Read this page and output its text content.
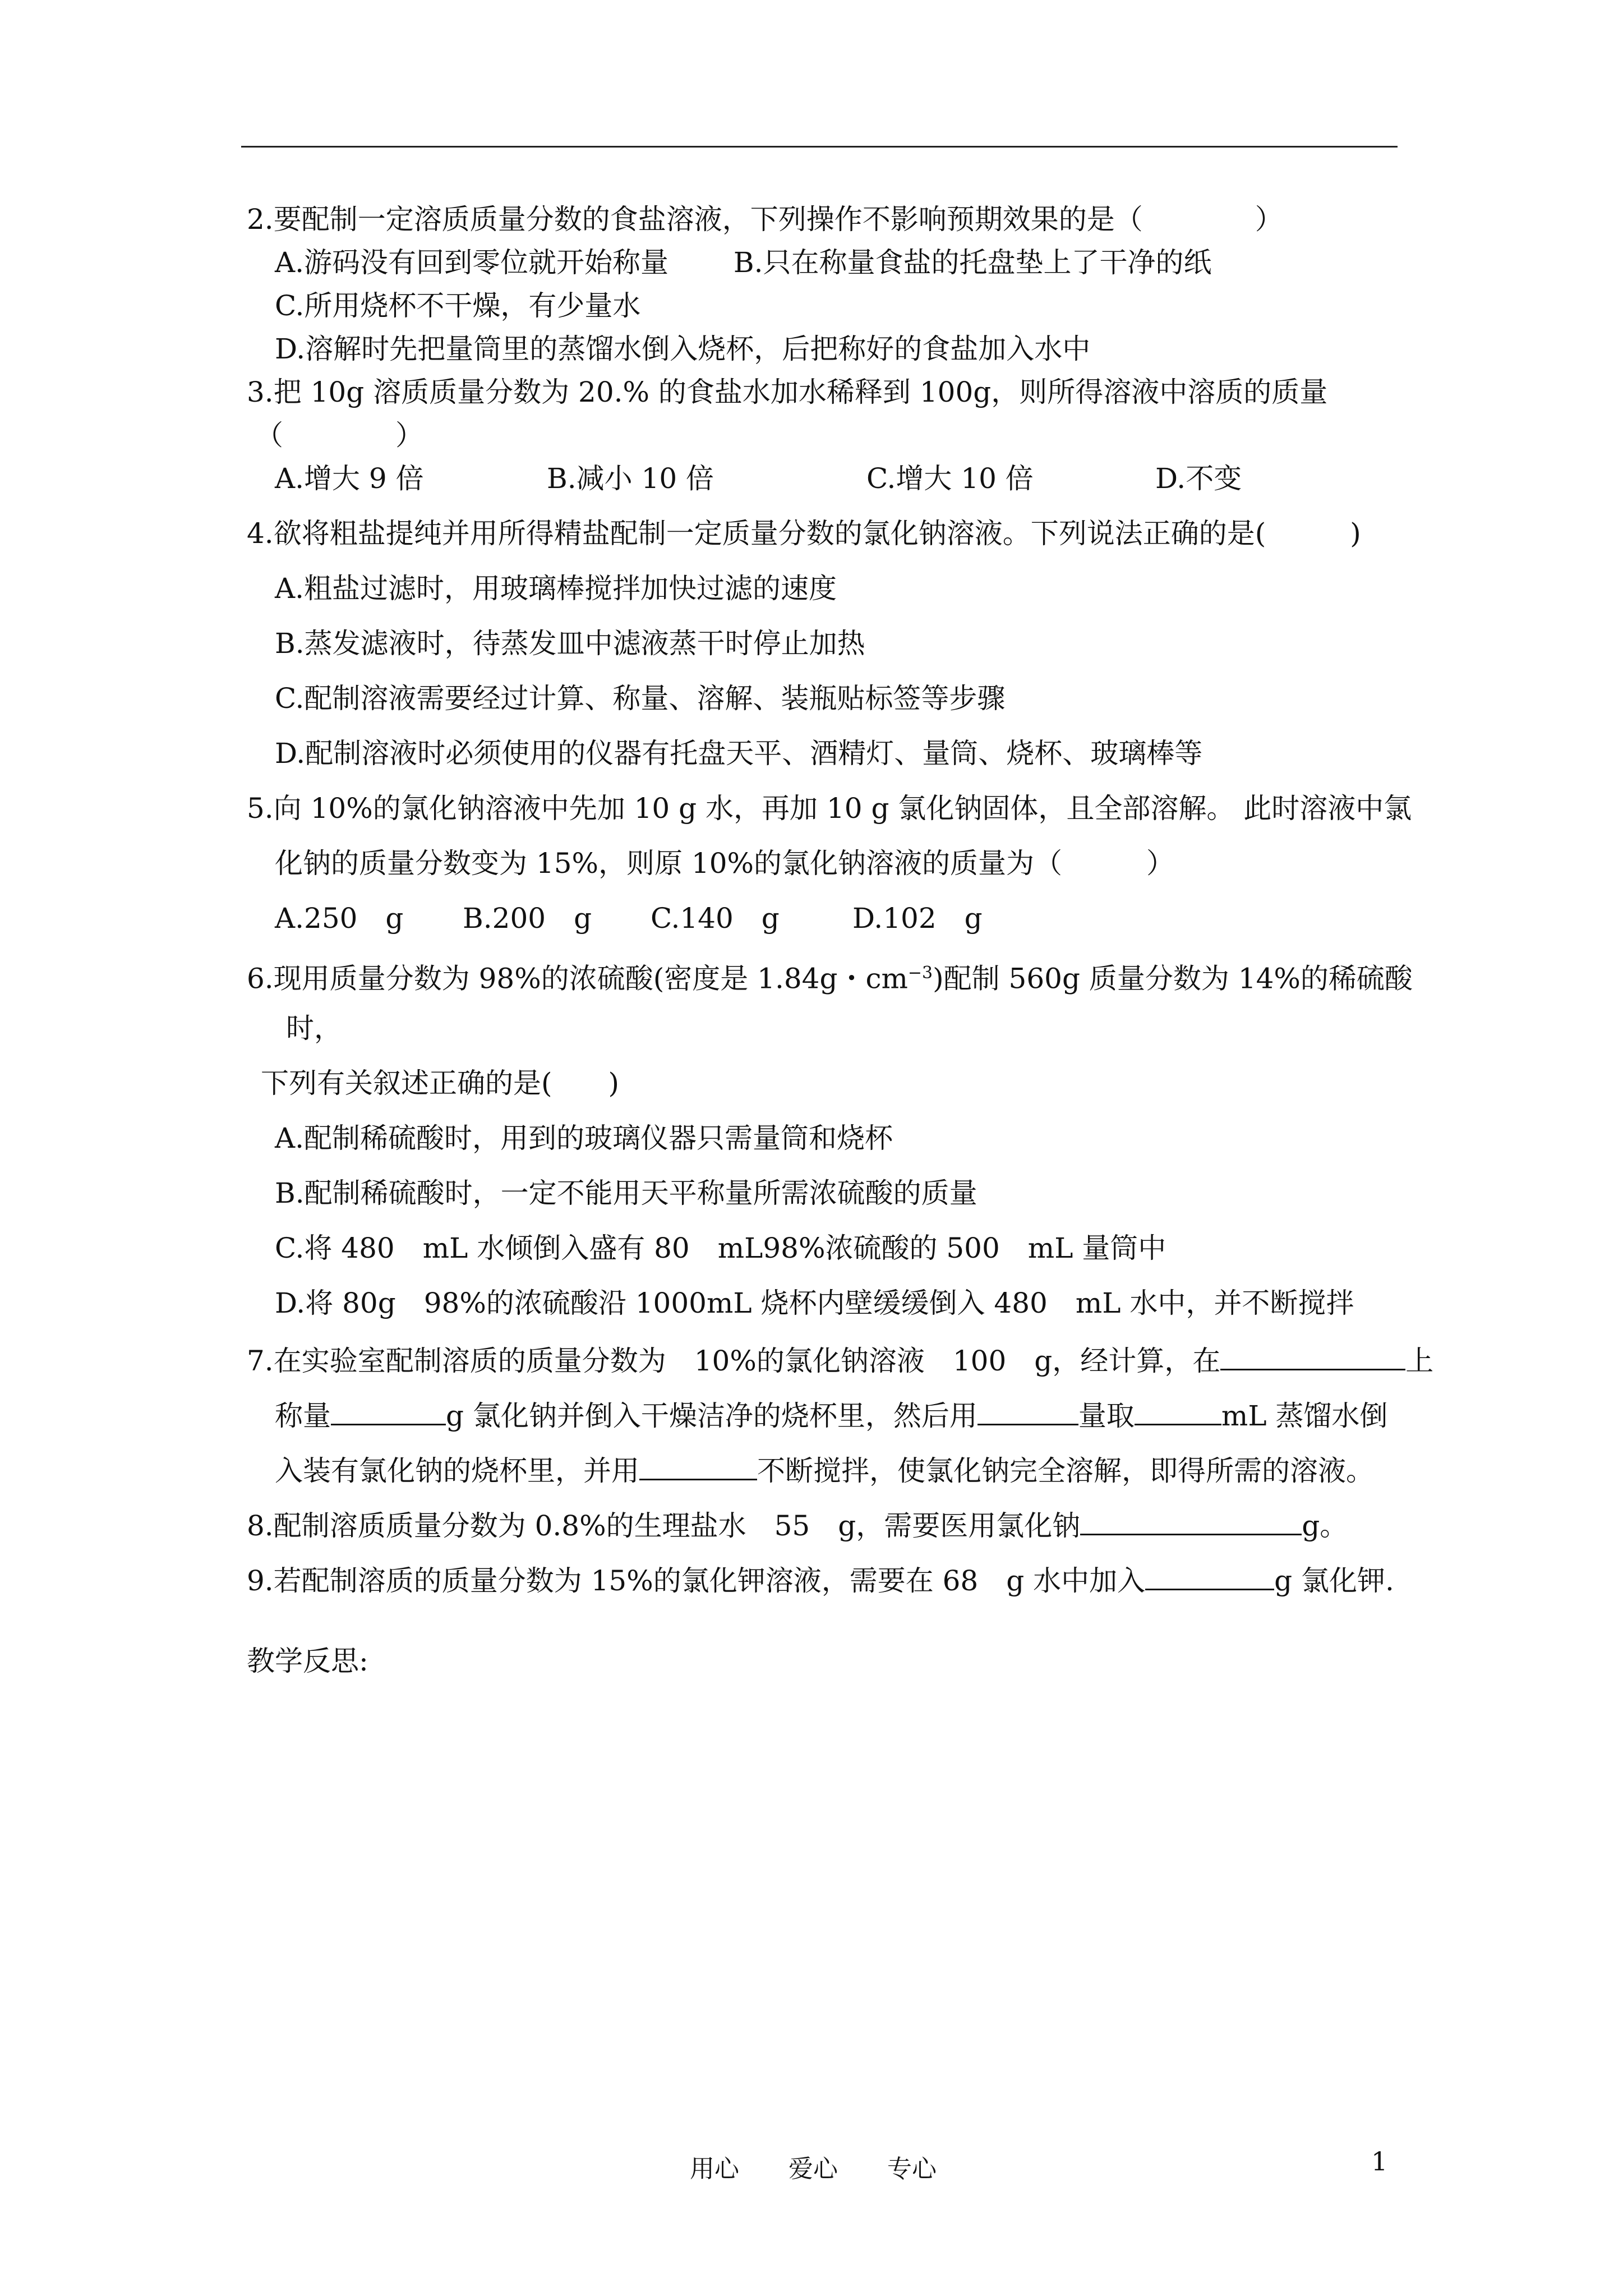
2.要配制一定溶质质量分数的食盐溶液，下列操作不影响预期效果的是（　　　　）
A.游码没有回到零位就开始称量　　 B.只在称量食盐的托盘垫上了干净的纸
C.所用烧杯不干燥，有少量水
D.溶解时先把量筒里的蒸馏水倒入烧杯，后把称好的食盐加入水中
3.把 10g 溶质质量分数为 20.% 的食盐水加水稀释到 100g，则所得溶液中溶质的质量
（　　　　）
A.增大 9 倍	B.减小 10 倍	C.增大 10 倍	D.不变
4.欲将粗盐提纯并用所得精盐配制一定质量分数的氯化钠溶液。下列说法正确的是(　　　)
A.粗盐过滤时，用玻璃棒搅拌加快过滤的速度
B.蒸发滤液时，待蒸发皿中滤液蒸干时停止加热
C.配制溶液需要经过计算、称量、溶解、装瓶贴标签等步骤
D.配制溶液时必须使用的仪器有托盘天平、酒精灯、量筒、烧杯、玻璃棒等
5.向 10%的氯化钠溶液中先加 10 g 水，再加 10 g 氯化钠固体，且全部溶解。 此时溶液中氯
化钠的质量分数变为 15%，则原 10%的氯化钠溶液的质量为（　　　）
A.250　g B.200　g C.140　g	D.102　g
6.现用质量分数为 98%的浓硫酸(密度是 1.84g・$cm^{-3}$)配制 560g 质量分数为 14%的稀硫酸
时，
下列有关叙述正确的是(　　)
A.配制稀硫酸时，用到的玻璃仪器只需量筒和烧杯
B.配制稀硫酸时，一定不能用天平称量所需浓硫酸的质量
C.将 480　mL 水倾倒入盛有 80　mL98%浓硫酸的 500　mL 量筒中
D.将 80g　98%的浓硫酸沿 1000mL 烧杯内壁缓缓倒入 480　mL 水中，并不断搅拌
7.在实验室配制溶质的质量分数为　10%的氯化钠溶液　100　g，经计算，在	上
称量	g 氯化钠并倒入干燥洁净的烧杯里，然后用	量取	mL 蒸馏水倒
入装有氯化钠的烧杯里，并用	不断搅拌，使氯化钠完全溶解，即得所需的溶液。
8.配制溶质质量分数为 0.8%的生理盐水　55　g，需要医用氯化钠	g。
9.若配制溶质的质量分数为 15%的氯化钾溶液，需要在 68　g 水中加入	g 氯化钾.
教学反思:
用心　　爱心　　专心	1
